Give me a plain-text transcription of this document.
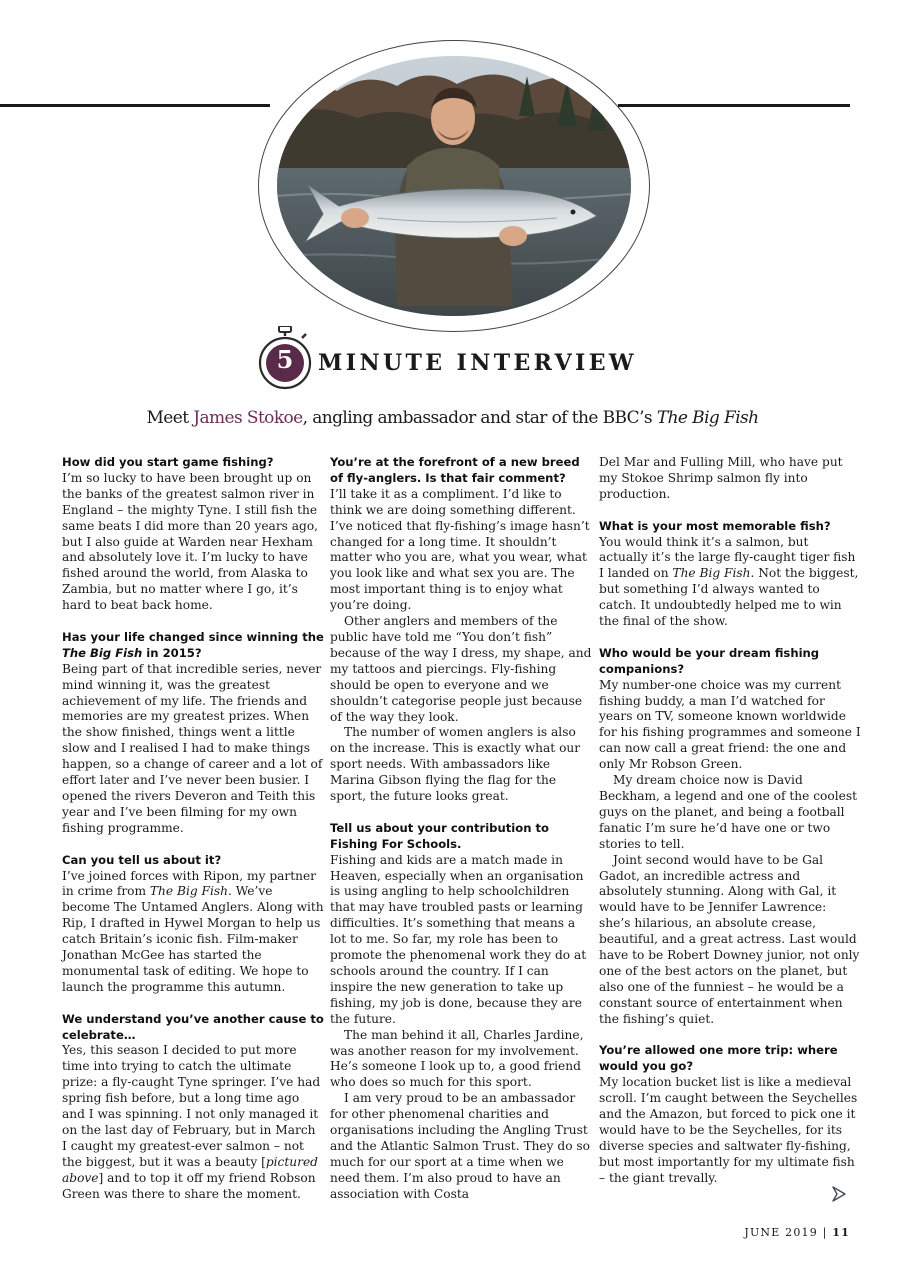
5	MINUTE INTERVIEW
Meet James Stokoe, angling ambassador and star of the BBC’s The Big Fish

How did you start game fishing?

I’m so lucky to have been brought up on the banks of the greatest salmon river in England – the mighty Tyne. I still fish the same beats I did more than 20 years ago, but I also guide at Warden near Hexham and absolutely love it. I’m lucky to have fished around the world, from Alaska to Zambia, but no matter where I go, it’s hard to beat back home.

Has your life changed since winning the The Big Fish in 2015?

Being part of that incredible series, never mind winning it, was the greatest achievement of my life. The friends and memories are my greatest prizes. When the show finished, things went a little slow and I realised I had to make things happen, so a change of career and a lot of effort later and I’ve never been busier. I opened the rivers Deveron and Teith this year and I’ve been filming for my own fishing programme.

Can you tell us about it?

I’ve joined forces with Ripon, my partner in crime from The Big Fish. We’ve become The Untamed Anglers. Along with Rip, I drafted in Hywel Morgan to help us catch Britain’s iconic fish. Film-maker Jonathan McGee has started the monumental task of editing. We hope to launch the programme this autumn.

We understand you’ve another cause to celebrate…

Yes, this season I decided to put more time into trying to catch the ultimate prize: a fly-caught Tyne springer. I’ve had spring fish before, but a long time ago and I was spinning. I not only managed it on the last day of February, but in March I caught my greatest-ever salmon – not the biggest, but it was a beauty [pictured above] and to top it off my friend Robson Green was there to share the moment.

You’re at the forefront of a new breed of fly-anglers. Is that fair comment?

I’ll take it as a compliment. I’d like to think we are doing something different. I’ve noticed that fly-fishing’s image hasn’t changed for a long time. It shouldn’t matter who you are, what you wear, what you look like and what sex you are. The most important thing is to enjoy what you’re doing.

Other anglers and members of the public have told me “You don’t fish” because of the way I dress, my shape, and my tattoos and piercings. Fly-fishing should be open to everyone and we shouldn’t categorise people just because of the way they look.

The number of women anglers is also on the increase. This is exactly what our sport needs. With ambassadors like Marina Gibson flying the flag for the sport, the future looks great.

Tell us about your contribution to Fishing For Schools.

Fishing and kids are a match made in Heaven, especially when an organisation is using angling to help schoolchildren that may have troubled pasts or learning difficulties. It’s something that means a lot to me. So far, my role has been to promote the phenomenal work they do at schools around the country. If I can inspire the new generation to take up fishing, my job is done, because they are the future.

The man behind it all, Charles Jardine, was another reason for my involvement. He’s someone I look up to, a good friend who does so much for this sport.

I am very proud to be an ambassador for other phenomenal charities and organisations including the Angling Trust and the Atlantic Salmon Trust. They do so much for our sport at a time when we need them. I’m also proud to have an association with Costa

Del Mar and Fulling Mill, who have put my Stokoe Shrimp salmon fly into production.

What is your most memorable fish?

You would think it’s a salmon, but actually it’s the large fly-caught tiger fish I landed on The Big Fish. Not the biggest, but something I’d always wanted to catch. It undoubtedly helped me to win the final of the show.

Who would be your dream fishing companions?

My number-one choice was my current fishing buddy, a man I’d watched for years on TV, someone known worldwide for his fishing programmes and someone I can now call a great friend: the one and only Mr Robson Green.

My dream choice now is David Beckham, a legend and one of the coolest guys on the planet, and being a football fanatic I’m sure he’d have one or two stories to tell.

Joint second would have to be Gal Gadot, an incredible actress and absolutely stunning. Along with Gal, it would have to be Jennifer Lawrence: she’s hilarious, an absolute crease, beautiful, and a great actress. Last would have to be Robert Downey junior, not only one of the best actors on the planet, but also one of the funniest – he would be a constant source of entertainment when the fishing’s quiet.

You’re allowed one more trip: where would you go?

My location bucket list is like a medieval scroll. I’m caught between the Seychelles and the Amazon, but forced to pick one it would have to be the Seychelles, for its diverse species and saltwater fly-fishing, but most importantly for my ultimate fish – the giant trevally.

JUNE 2019 | 11
